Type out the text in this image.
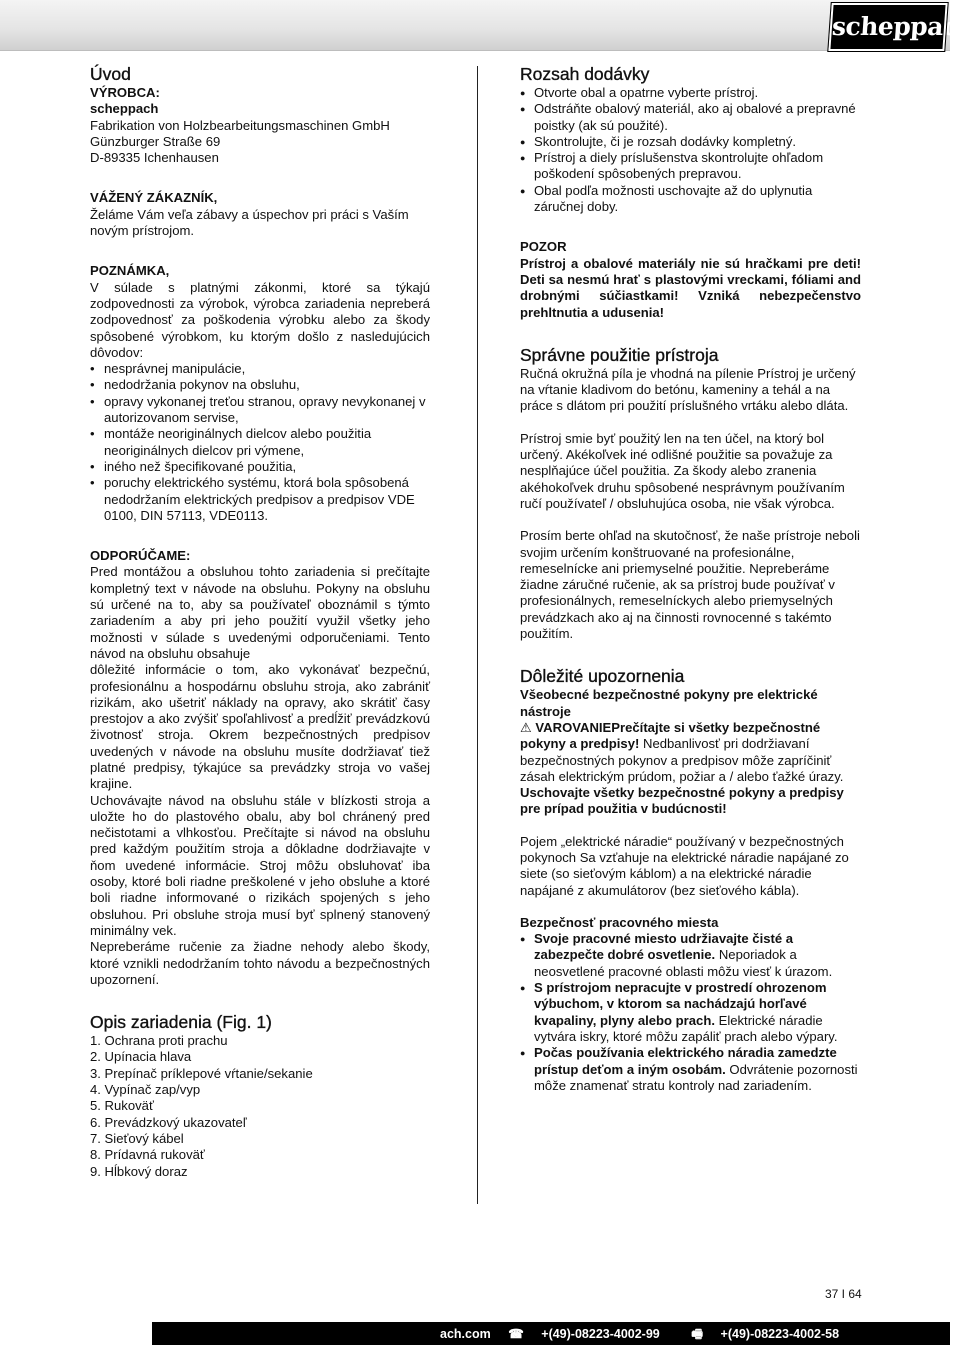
scheppach
Úvod

VÝROBCA:

scheppach

Fabrikation von Holzbearbeitungsmaschinen GmbH

Günzburger Straße 69

D-89335 Ichenhausen

VÁŽENÝ ZÁKAZNÍK,

Želáme Vám veľa zábavy a úspechov pri práci s Vaším novým prístrojom.

POZNÁMKA,

V súlade s platnými zákonmi, ktoré sa týkajú zodpovednosti za výrobok, výrobca zariadenia nepreberá zodpovednosť za poškodenia výrobku alebo za škody spôsobené výrobkom, ku ktorým došlo z nasledujúcich dôvodov:

• nesprávnej manipulácie,
• nedodržania pokynov na obsluhu,
• opravy vykonanej treťou stranou, opravy nevykonanej v autorizovanom servise,
• montáže neoriginálnych dielcov alebo použitia neoriginálnych dielcov pri výmene,
• iného než špecifikované použitia,
• poruchy elektrického systému, ktorá bola spôsobená nedodržaním elektrických predpisov a predpisov VDE 0100, DIN 57113, VDE0113.

ODPORÚČAME:

Pred montážou a obsluhou tohto zariadenia si prečítajte kompletný text v návode na obsluhu. Pokyny na obsluhu sú určené na to, aby sa používateľ oboznámil s týmto zariadením a aby pri jeho použití využil všetky jeho možnosti v súlade s uvedenými odporučeniami. Tento návod na obsluhu obsahuje

dôležité informácie o tom, ako vykonávať bezpečnú, profesionálnu a hospodárnu obsluhu stroja, ako zabrániť rizikám, ako ušetriť náklady na opravy, ako skrátiť časy prestojov a ako zvýšiť spoľahlivosť a predĺžiť prevádzkovú životnosť stroja. Okrem bezpečnostných predpisov uvedených v návode na obsluhu musíte dodržiavať tiež platné predpisy, týkajúce sa prevádzky stroja vo vašej krajine.

Uchovávajte návod na obsluhu stále v blízkosti stroja a uložte ho do plastového obalu, aby bol chránený pred nečistotami a vlhkosťou. Prečítajte si návod na obsluhu pred každým použitím stroja a dôkladne dodržiavajte v ňom uvedené informácie. Stroj môžu obsluhovať iba osoby, ktoré boli riadne preškolené v jeho obsluhe a ktoré boli riadne informované o rizikách spojených s jeho obsluhou. Pri obsluhe stroja musí byť splnený stanovený minimálny vek.

Nepreberáme ručenie za žiadne nehody alebo škody, ktoré vznikli nedodržaním tohto návodu a bezpečnostných upozornení.

Opis zariadenia (Fig. 1)
1. Ochrana proti prachu
2. Upínacia hlava
3. Prepínač príklepové vŕtanie/sekanie
4. Vypínač zap/vyp
5. Rukoväť
6. Prevádzkový ukazovateľ
7. Sieťový kábel
8. Prídavná rukoväť
9. Hĺbkový doraz
Rozsah dodávky
● Otvorte obal a opatrne vyberte prístroj.
● Odstráňte obalový materiál, ako aj obalové a prepravné poistky (ak sú použité).
● Skontrolujte, či je rozsah dodávky kompletný.
● Prístroj a diely príslušenstva skontrolujte ohľadom poškodení spôsobených prepravou.
● Obal podľa možnosti uschovajte až do uplynutia záručnej doby.

POZOR

Prístroj a obalové materiály nie sú hračkami pre deti! Deti sa nesmú hrať s plastovými vreckami, fóliami and drobnými súčiastkami! Vzniká nebezpečenstvo prehltnutia a udusenia!

Správne použitie prístroja

Ručná okružná píla je vhodná na pílenie Prístroj je určený na vŕtanie kladivom do betónu, kameniny a tehál a na práce s dlátom pri použití príslušného vrtáku alebo dláta.

Prístroj smie byť použitý len na ten účel, na ktorý bol určený. Akékoľvek iné odlišné použitie sa považuje za nesplňajúce účel použitia. Za škody alebo zranenia akéhokoľvek druhu spôsobené nesprávnym používaním ručí používateľ / obsluhujúca osoba, nie však výrobca.

Prosím berte ohľad na skutočnosť, že naše prístroje neboli svojim určením konštruované na profesionálne, remeselnícke ani priemyselné použitie. Nepreberáme žiadne záručné ručenie, ak sa prístroj bude používať v profesionálnych, remeselníckych alebo priemyselných prevádzkach ako aj na činnosti rovnocenné s takémto použitím.

Dôležité upozornenia

Všeobecné bezpečnostné pokyny pre elektrické nástroje

⚠ VAROVANIEPrečítajte si všetky bezpečnostné pokyny a predpisy! Nedbanlivosť pri dodržiavaní bezpečnostných pokynov a predpisov môže zapríčiniť zásah elektrickým prúdom, požiar a / alebo ťažké úrazy.

Uschovajte všetky bezpečnostné pokyny a predpisy pre prípad použitia v budúcnosti!

Pojem „elektrické náradie“ používaný v bezpečnostných pokynoch Sa vzťahuje na elektrické náradie napájané zo siete (so sieťovým káblom) a na elektrické náradie napájané z akumulátorov (bez sieťového kábla).

Bezpečnosť pracovného miesta

● Svoje pracovné miesto udržiavajte čisté a zabezpečte dobré osvetlenie. Neporiadok a neosvetlené pracovné oblasti môžu viesť k úrazom.
● S prístrojom nepracujte v prostredí ohrozenom výbuchom, v ktorom sa nachádzajú horľavé kvapaliny, plyny alebo prach. Elektrické náradie vytvára iskry, ktoré môžu zapáliť prach alebo výpary.
● Počas používania elektrického náradia zamedzte prístup deťom a iným osobám. Odvrátenie pozornosti môže znamenať stratu kontroly nad zariadením.
37 I 64
ach.com ☎ +(49)-08223-4002-99	🖷 +(49)-08223-4002-58
